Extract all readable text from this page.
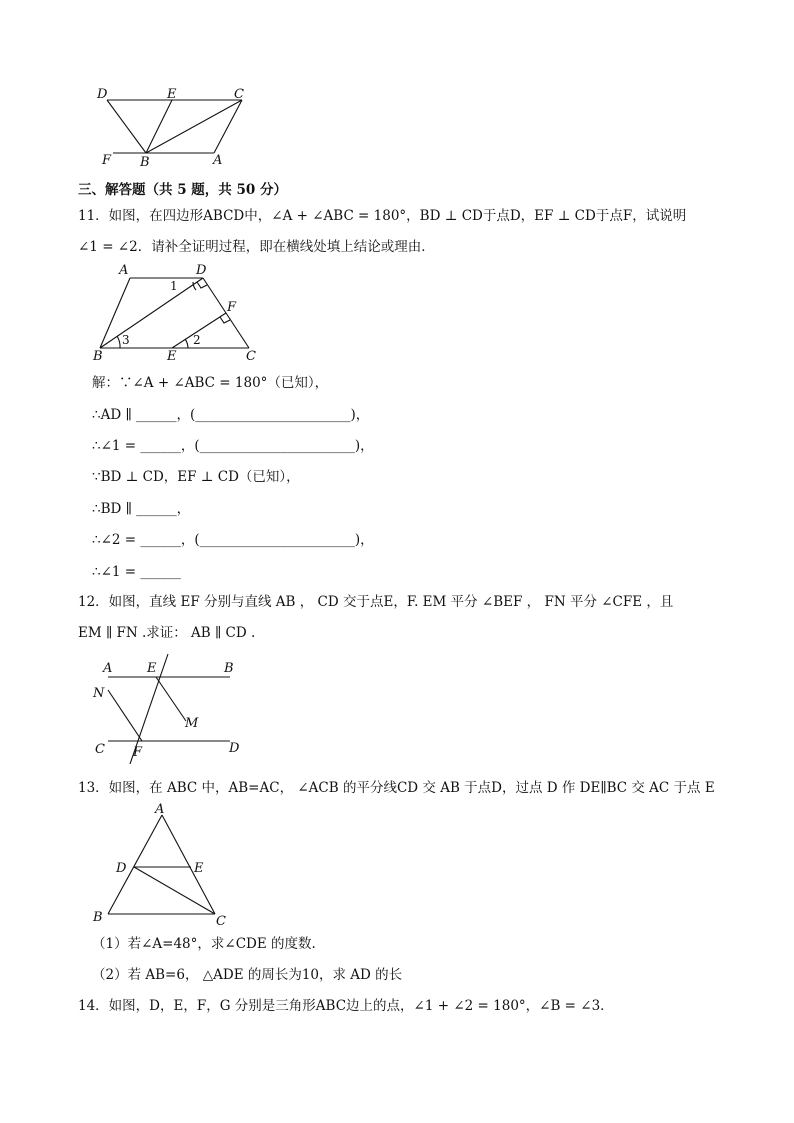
D	E	C
F B	A
三、解答题（共 5 题，共 50 分）
11．如图，在四边形ABCD中，∠A + ∠ABC = 180°，BD ⊥ CD于点D，EF ⊥ CD于点F，试说明
∠1 = ∠2．请补全证明过程，即在横线处填上结论或理由．
A	D
F
B	E	C
1
2
3
解：∵∠A + ∠ABC = 180°（已知），
∴AD ∥ ______，(_______________________)，
∴∠1 = ______，(_______________________)，
∵BD ⊥ CD，EF ⊥ CD（已知），
∴BD ∥ ______，
∴∠2 = ______，(_______________________)，
∴∠1 = ______
12．如图，直线 EF 分别与直线 AB ， CD 交于点E，F. EM 平分 ∠BEF ， FN 平分 ∠CFE ，且
EM ∥ FN .求证： AB ∥ CD .
A	E	B
N
M
C F	D
13．如图，在 ABC 中，AB=AC， ∠ACB 的平分线CD 交 AB 于点D，过点 D 作 DE∥BC 交 AC 于点 E
A
D	E
B	C
（1）若∠A=48°，求∠CDE 的度数.
（2）若 AB=6， △ADE 的周长为10，求 AD 的长
14．如图，D，E，F，G 分别是三角形ABC边上的点，∠1 + ∠2 = 180°，∠B = ∠3．
